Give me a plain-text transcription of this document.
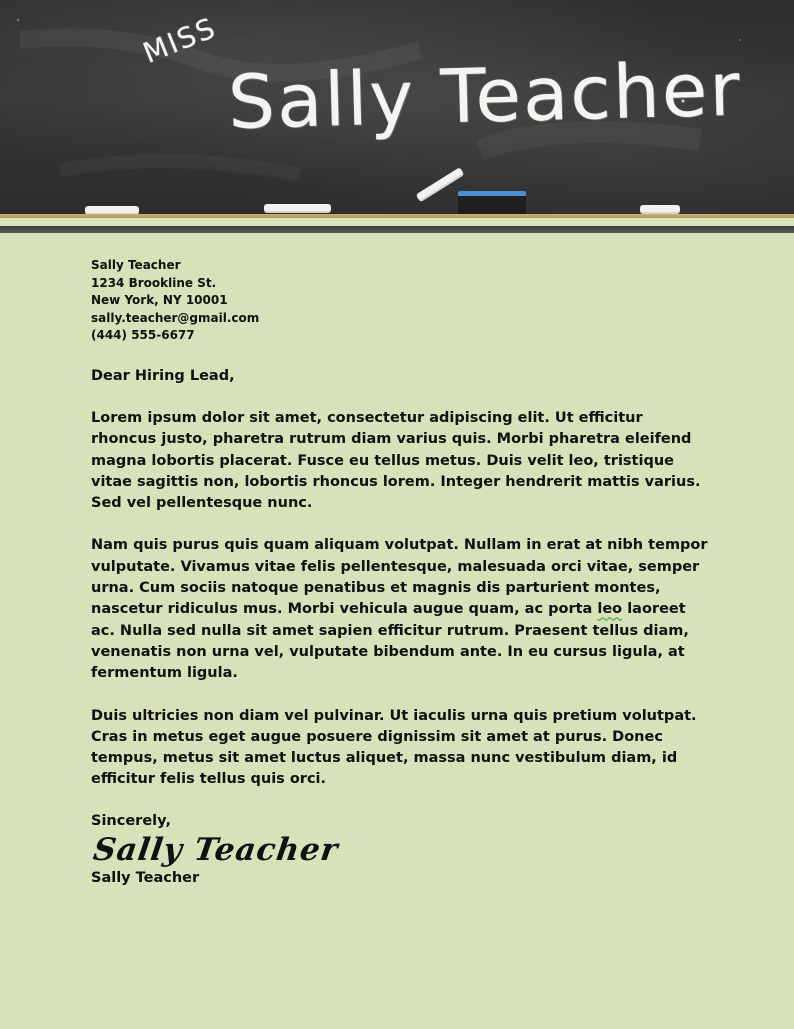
MISS
Sally Teacher
Sally Teacher
1234 Brookline St.
New York, NY 10001
sally.teacher@gmail.com
(444) 555-6677

Dear Hiring Lead,

Lorem ipsum dolor sit amet, consectetur adipiscing elit. Ut efficitur rhoncus justo, pharetra rutrum diam varius quis. Morbi pharetra eleifend magna lobortis placerat. Fusce eu tellus metus. Duis velit leo, tristique vitae sagittis non, lobortis rhoncus lorem. Integer hendrerit mattis varius. Sed vel pellentesque nunc.

Nam quis purus quis quam aliquam volutpat. Nullam in erat at nibh tempor vulputate. Vivamus vitae felis pellentesque, malesuada orci vitae, semper urna. Cum sociis natoque penatibus et magnis dis parturient montes, nascetur ridiculus mus. Morbi vehicula augue quam, ac porta leo laoreet ac. Nulla sed nulla sit amet sapien efficitur rutrum. Praesent tellus diam, venenatis non urna vel, vulputate bibendum ante. In eu cursus ligula, at fermentum ligula.

Duis ultricies non diam vel pulvinar. Ut iaculis urna quis pretium volutpat. Cras in metus eget augue posuere dignissim sit amet at purus. Donec tempus, metus sit amet luctus aliquet, massa nunc vestibulum diam, id efficitur felis tellus quis orci.

Sincerely,

Sally Teacher

Sally Teacher
